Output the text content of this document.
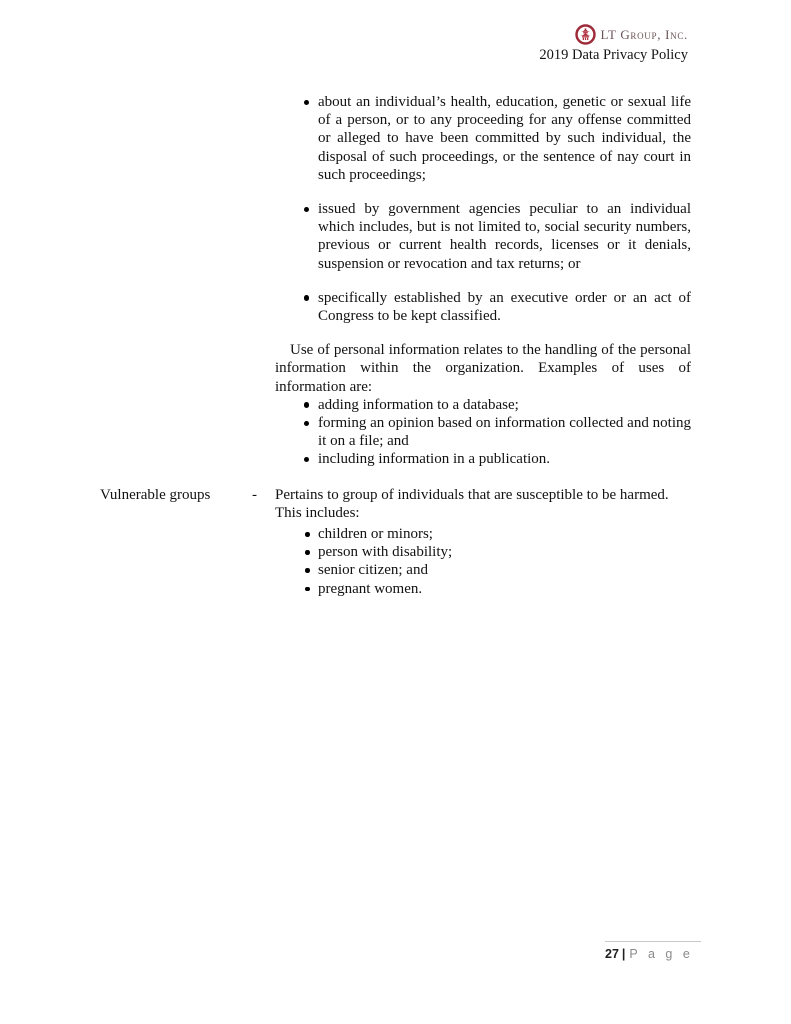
LT Group, Inc.
2019 Data Privacy Policy
about an individual’s health, education, genetic or sexual life of a person, or to any proceeding for any offense committed or alleged to have been committed by such individual, the disposal of such proceedings, or the sentence of nay court in such proceedings;
issued by government agencies peculiar to an individual which includes, but is not limited to, social security numbers, previous or current health records, licenses or it denials, suspension or revocation and tax returns; or
specifically established by an executive order or an act of Congress to be kept classified.

Use of personal information relates to the handling of the personal information within the organization. Examples of uses of information are:

adding information to a database;
forming an opinion based on information collected and noting it on a file; and
including information in a publication.
Vulnerable groups	- Pertains to group of individuals that are susceptible to be harmed.
This includes:
children or minors;
person with disability;
senior citizen; and
pregnant women.
27 | P a g e
